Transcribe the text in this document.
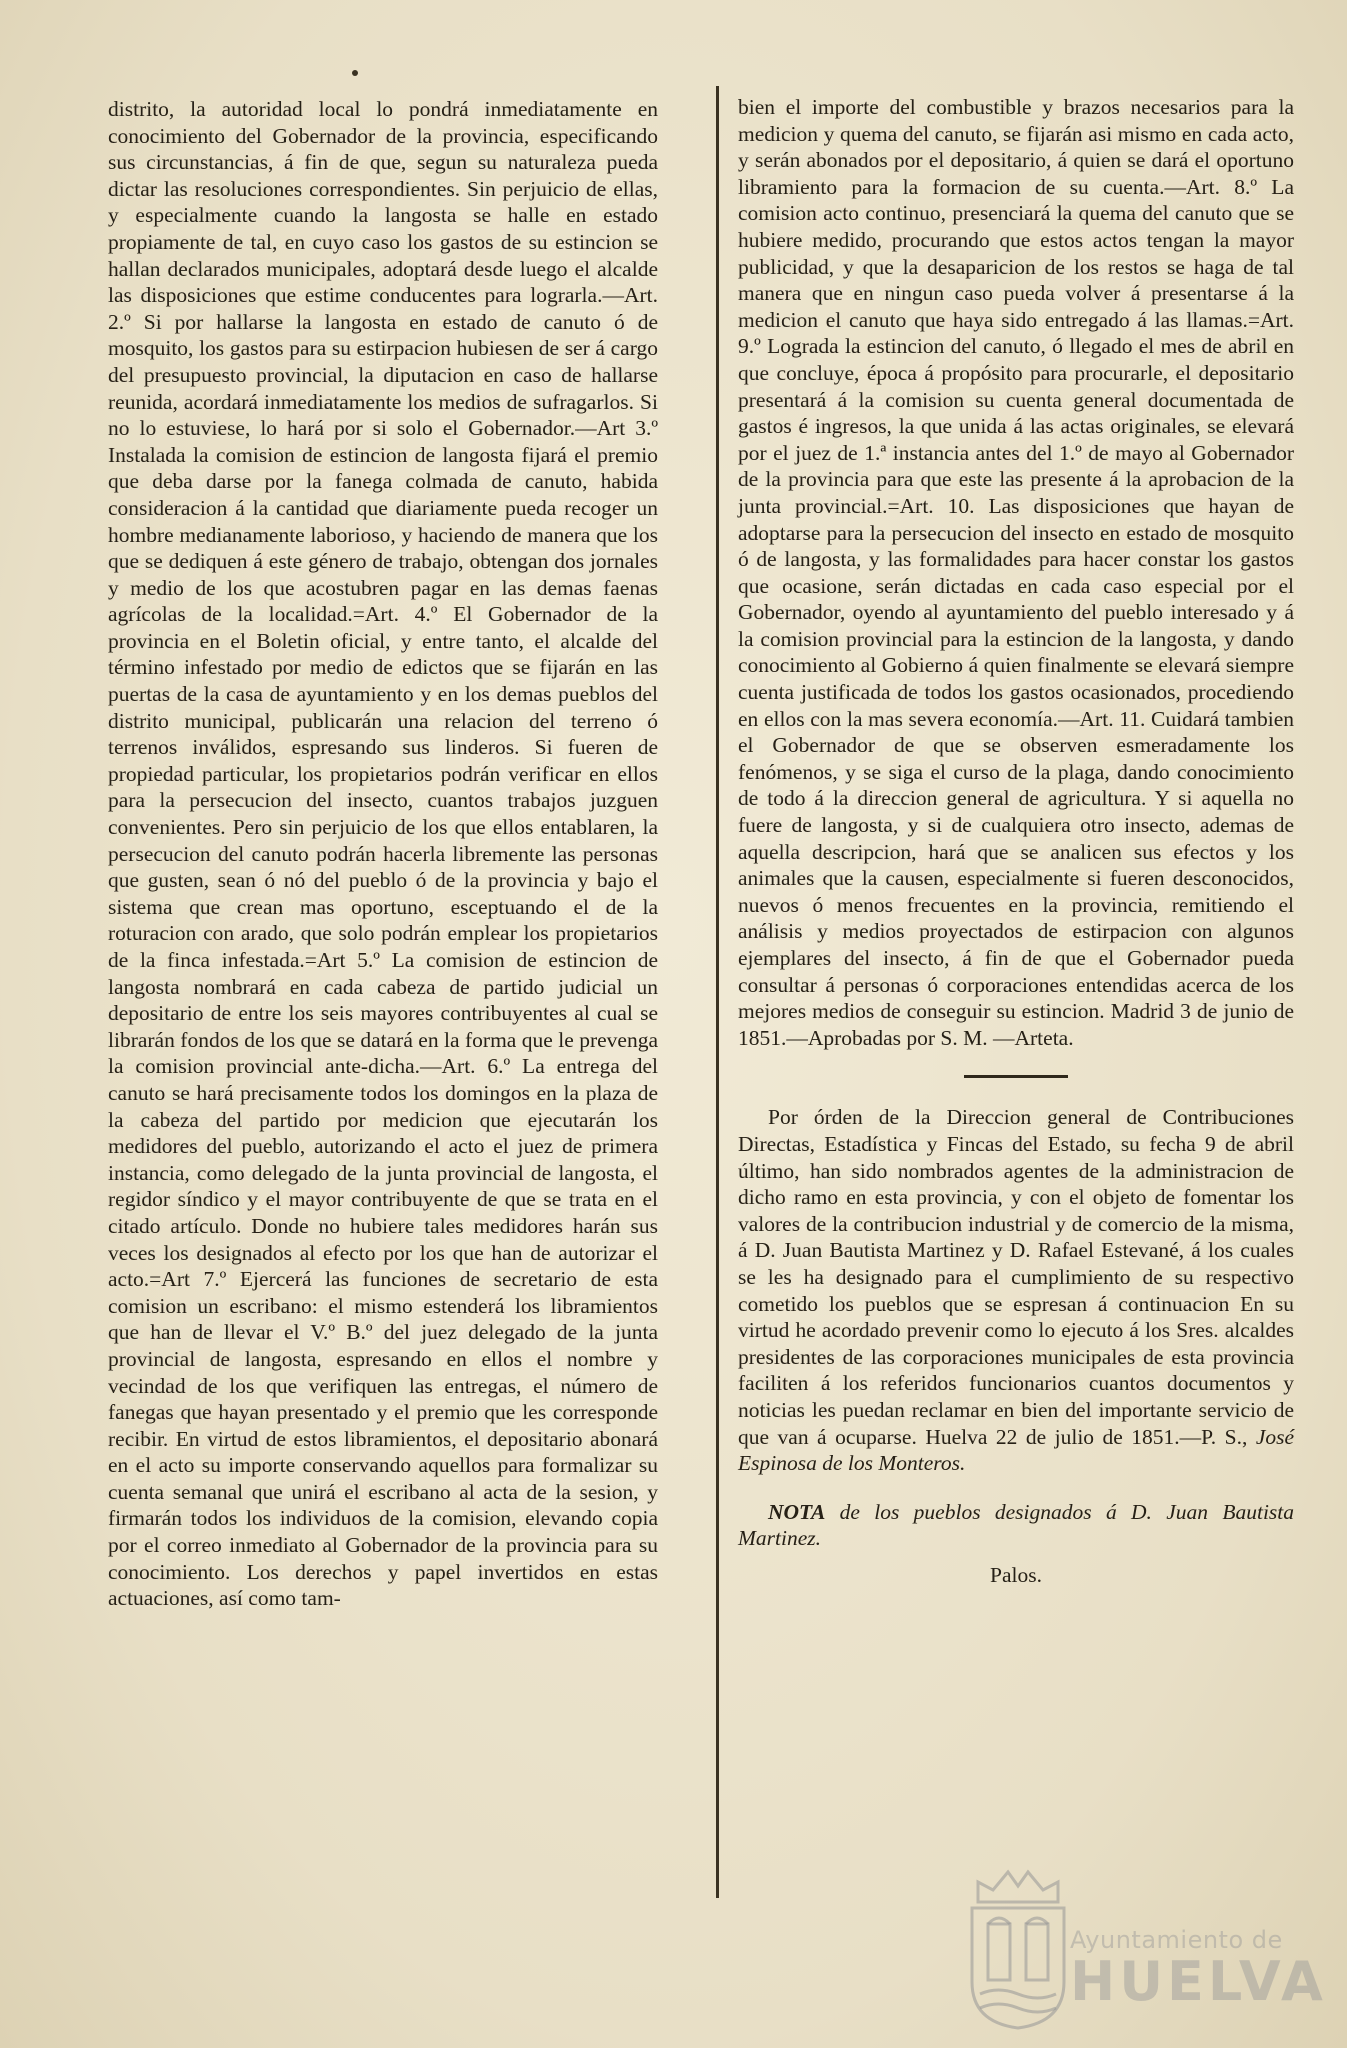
distrito, la autoridad local lo pondrá inmediatamente en conocimiento del Gobernador de la provincia, especificando sus circunstancias, á fin de que, segun su naturaleza pueda dictar las resoluciones correspondientes. Sin perjuicio de ellas, y especialmente cuando la langosta se halle en estado propiamente de tal, en cuyo caso los gastos de su estincion se hallan declarados municipales, adoptará desde luego el alcalde las disposiciones que estime conducentes para lograrla.—Art. 2.º Si por hallarse la langosta en estado de canuto ó de mosquito, los gastos para su estirpacion hubiesen de ser á cargo del presupuesto provincial, la diputacion en caso de hallarse reunida, acordará inmediatamente los medios de sufragarlos. Si no lo estuviese, lo hará por si solo el Gobernador.—Art 3.º Instalada la comision de estincion de langosta fijará el premio que deba darse por la fanega colmada de canuto, habida consideracion á la cantidad que diariamente pueda recoger un hombre medianamente laborioso, y haciendo de manera que los que se dediquen á este género de trabajo, obtengan dos jornales y medio de los que acostubren pagar en las demas faenas agrícolas de la localidad.=Art. 4.º El Gobernador de la provincia en el Boletin oficial, y entre tanto, el alcalde del término infestado por medio de edictos que se fijarán en las puertas de la casa de ayuntamiento y en los demas pueblos del distrito municipal, publicarán una relacion del terreno ó terrenos inválidos, espresando sus linderos. Si fueren de propiedad particular, los propietarios podrán verificar en ellos para la persecucion del insecto, cuantos trabajos juzguen convenientes. Pero sin perjuicio de los que ellos entablaren, la persecucion del canuto podrán hacerla libremente las personas que gusten, sean ó nó del pueblo ó de la provincia y bajo el sistema que crean mas oportuno, esceptuando el de la roturacion con arado, que solo podrán emplear los propietarios de la finca infestada.=Art 5.º La comision de estincion de langosta nombrará en cada cabeza de partido judicial un depositario de entre los seis mayores contribuyentes al cual se librarán fondos de los que se datará en la forma que le prevenga la comision provincial ante-dicha.—Art. 6.º La entrega del canuto se hará precisamente todos los domingos en la plaza de la cabeza del partido por medicion que ejecutarán los medidores del pueblo, autorizando el acto el juez de primera instancia, como delegado de la junta provincial de langosta, el regidor síndico y el mayor contribuyente de que se trata en el citado artículo. Donde no hubiere tales medidores harán sus veces los designados al efecto por los que han de autorizar el acto.=Art 7.º Ejercerá las funciones de secretario de esta comision un escribano: el mismo estenderá los libramientos que han de llevar el V.º B.º del juez delegado de la junta provincial de langosta, espresando en ellos el nombre y vecindad de los que verifiquen las entregas, el número de fanegas que hayan presentado y el premio que les corresponde recibir. En virtud de estos libramientos, el depositario abonará en el acto su importe conservando aquellos para formalizar su cuenta semanal que unirá el escribano al acta de la sesion, y firmarán todos los individuos de la comision, elevando copia por el correo inmediato al Gobernador de la provincia para su conocimiento. Los derechos y papel invertidos en estas actuaciones, así como tam-

bien el importe del combustible y brazos necesarios para la medicion y quema del canuto, se fijarán asi mismo en cada acto, y serán abonados por el depositario, á quien se dará el oportuno libramiento para la formacion de su cuenta.—Art. 8.º La comision acto continuo, presenciará la quema del canuto que se hubiere medido, procurando que estos actos tengan la mayor publicidad, y que la desaparicion de los restos se haga de tal manera que en ningun caso pueda volver á presentarse á la medicion el canuto que haya sido entregado á las llamas.=Art. 9.º Lograda la estincion del canuto, ó llegado el mes de abril en que concluye, época á propósito para procurarle, el depositario presentará á la comision su cuenta general documentada de gastos é ingresos, la que unida á las actas originales, se elevará por el juez de 1.ª instancia antes del 1.º de mayo al Gobernador de la provincia para que este las presente á la aprobacion de la junta provincial.=Art. 10. Las disposiciones que hayan de adoptarse para la persecucion del insecto en estado de mosquito ó de langosta, y las formalidades para hacer constar los gastos que ocasione, serán dictadas en cada caso especial por el Gobernador, oyendo al ayuntamiento del pueblo interesado y á la comision provincial para la estincion de la langosta, y dando conocimiento al Gobierno á quien finalmente se elevará siempre cuenta justificada de todos los gastos ocasionados, procediendo en ellos con la mas severa economía.—Art. 11. Cuidará tambien el Gobernador de que se observen esmeradamente los fenómenos, y se siga el curso de la plaga, dando conocimiento de todo á la direccion general de agricultura. Y si aquella no fuere de langosta, y si de cualquiera otro insecto, ademas de aquella descripcion, hará que se analicen sus efectos y los animales que la causen, especialmente si fueren desconocidos, nuevos ó menos frecuentes en la provincia, remitiendo el análisis y medios proyectados de estirpacion con algunos ejemplares del insecto, á fin de que el Gobernador pueda consultar á personas ó corporaciones entendidas acerca de los mejores medios de conseguir su estincion. Madrid 3 de junio de 1851.—Aprobadas por S. M. —Arteta.

Por órden de la Direccion general de Contribuciones Directas, Estadística y Fincas del Estado, su fecha 9 de abril último, han sido nombrados agentes de la administracion de dicho ramo en esta provincia, y con el objeto de fomentar los valores de la contribucion industrial y de comercio de la misma, á D. Juan Bautista Martinez y D. Rafael Estevané, á los cuales se les ha designado para el cumplimiento de su respectivo cometido los pueblos que se espresan á continuacion En su virtud he acordado prevenir como lo ejecuto á los Sres. alcaldes presidentes de las corporaciones municipales de esta provincia faciliten á los referidos funcionarios cuantos documentos y noticias les puedan reclamar en bien del importante servicio de que van á ocuparse. Huelva 22 de julio de 1851.—P. S., José Espinosa de los Monteros.

NOTA de los pueblos designados á D. Juan Bautista Martinez.

Palos.

Ayuntamiento de
HUELVA
